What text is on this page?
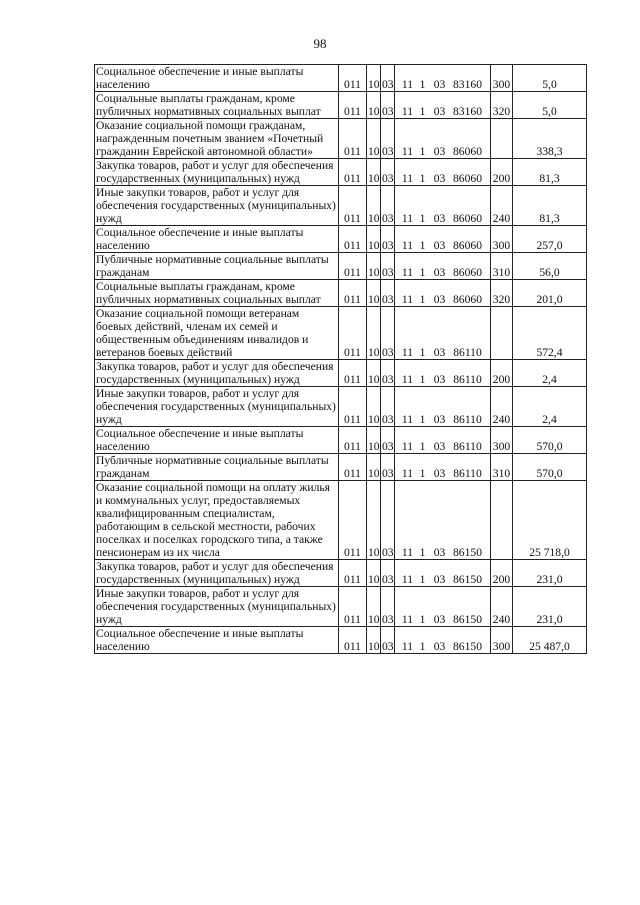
98
Социальное обеспечение и иные выплаты населению	011	10	03	11 1 03 83160	300	5,0
Социальные выплаты гражданам, кроме публичных нормативных социальных выплат	011	10	03	11 1 03 83160	320	5,0
Оказание социальной помощи гражданам, награжденным почетным званием «Почетный гражданин Еврейской автономной области»	011	10	03	11 1 03 86060		338,3
Закупка товаров, работ и услуг для обеспечения государственных (муниципальных) нужд	011	10	03	11 1 03 86060	200	81,3
Иные закупки товаров, работ и услуг для обеспечения государственных (муниципальных) нужд	011	10	03	11 1 03 86060	240	81,3
Социальное обеспечение и иные выплаты населению	011	10	03	11 1 03 86060	300	257,0
Публичные нормативные социальные выплаты гражданам	011	10	03	11 1 03 86060	310	56,0
Социальные выплаты гражданам, кроме публичных нормативных социальных выплат	011	10	03	11 1 03 86060	320	201,0
Оказание социальной помощи ветеранам боевых действий, членам их семей и общественным объединениям инвалидов и ветеранов боевых действий	011	10	03	11 1 03 86110		572,4
Закупка товаров, работ и услуг для обеспечения государственных (муниципальных) нужд	011	10	03	11 1 03 86110	200	2,4
Иные закупки товаров, работ и услуг для обеспечения государственных (муниципальных) нужд	011	10	03	11 1 03 86110	240	2,4
Социальное обеспечение и иные выплаты населению	011	10	03	11 1 03 86110	300	570,0
Публичные нормативные социальные выплаты гражданам	011	10	03	11 1 03 86110	310	570,0
Оказание социальной помощи на оплату жилья и коммунальных услуг, предоставляемых квалифицированным специалистам, работающим в сельской местности, рабочих поселках и поселках городского типа, а также пенсионерам из их числа	011	10	03	11 1 03 86150		25 718,0
Закупка товаров, работ и услуг для обеспечения государственных (муниципальных) нужд	011	10	03	11 1 03 86150	200	231,0
Иные закупки товаров, работ и услуг для обеспечения государственных (муниципальных) нужд	011	10	03	11 1 03 86150	240	231,0
Социальное обеспечение и иные выплаты населению	011	10	03	11 1 03 86150	300	25 487,0
